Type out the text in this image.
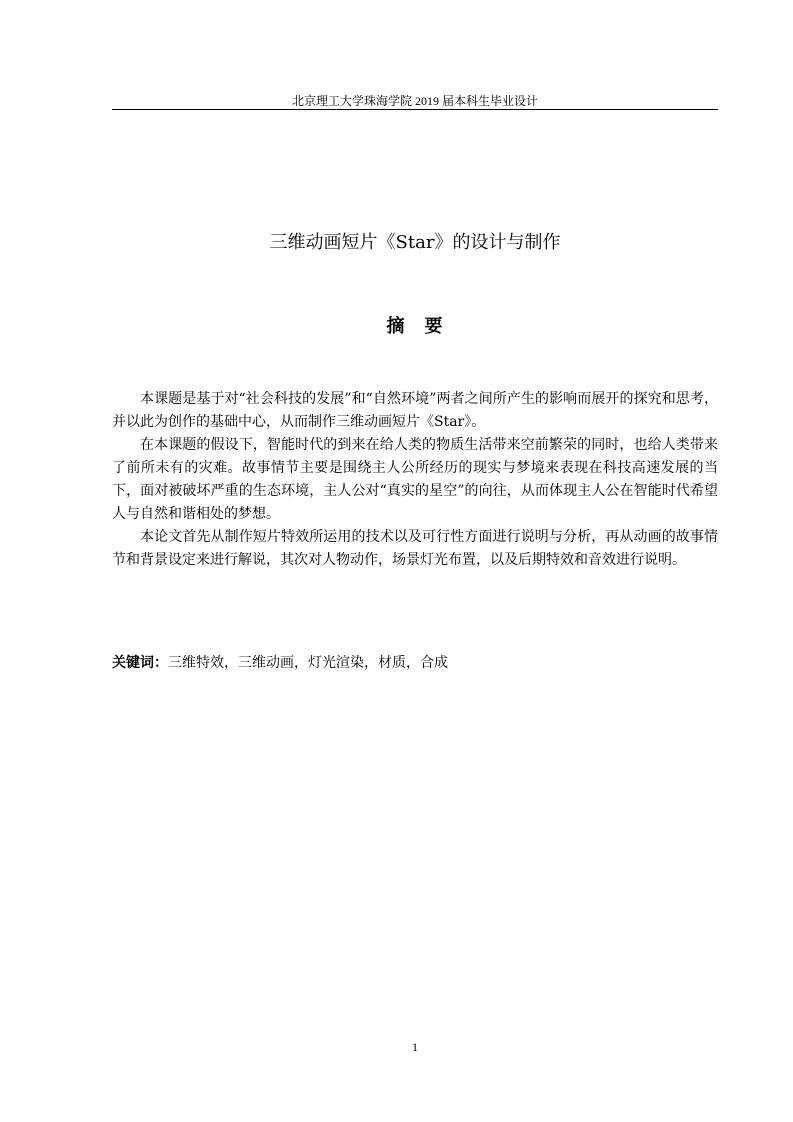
北京理工大学珠海学院 2019 届本科生毕业设计
三维动画短片《Star》的设计与制作
摘　要

本课题是基于对“社会科技的发展”和“自然环境”两者之间所产生的影响而展开的探究和思考，并以此为创作的基础中心，从而制作三维动画短片《Star》。

在本课题的假设下，智能时代的到来在给人类的物质生活带来空前繁荣的同时，也给人类带来了前所未有的灾难。故事情节主要是围绕主人公所经历的现实与梦境来表现在科技高速发展的当下，面对被破坏严重的生态环境，主人公对“真实的星空”的向往，从而体现主人公在智能时代希望人与自然和谐相处的梦想。

本论文首先从制作短片特效所运用的技术以及可行性方面进行说明与分析，再从动画的故事情节和背景设定来进行解说，其次对人物动作，场景灯光布置，以及后期特效和音效进行说明。

关键词：三维特效，三维动画，灯光渲染，材质，合成
1
